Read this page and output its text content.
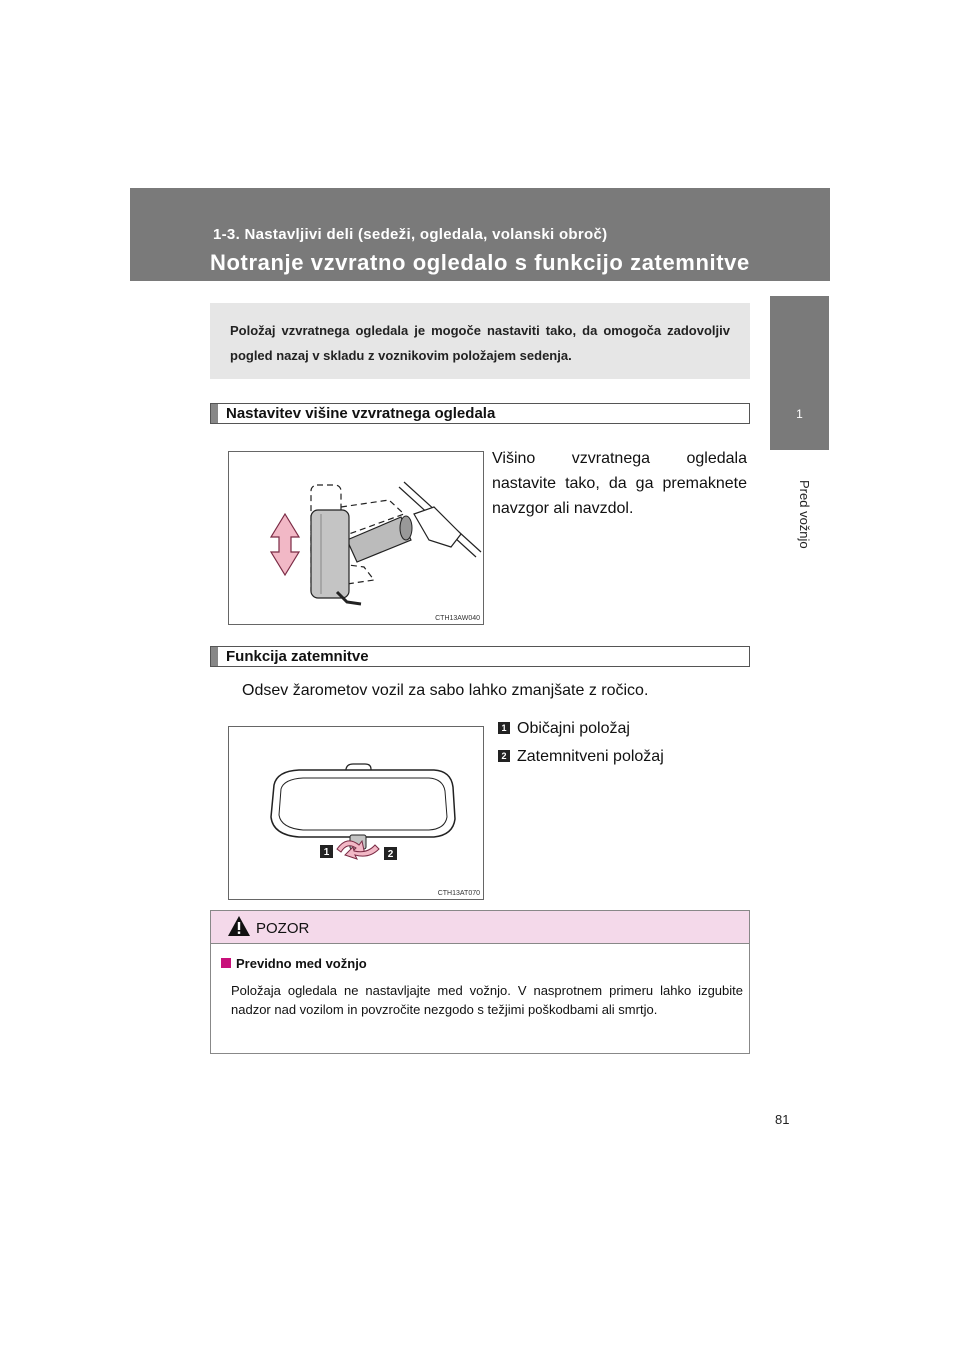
1-3. Nastavljivi deli (sedeži, ogledala, volanski obroč)
Notranje vzvratno ogledalo s funkcijo zatemnitve
1
Pred vožnjo
Položaj vzvratnega ogledala je mogoče nastaviti tako, da omogoča zadovoljiv pogled nazaj v skladu z voznikovim položajem sedenja.
Nastavitev višine vzvratnega ogledala
CTH13AW040
Višino vzvratnega ogledala nastavite tako, da ga premaknete navzgor ali navzdol.
Funkcija zatemnitve
Odsev žarometov vozil za sabo lahko zmanjšate z ročico.
1	2
CTH13AT070
1 Običajni položaj
2 Zatemnitveni položaj
POZOR
Previdno med vožnjo
Položaja ogledala ne nastavljajte med vožnjo. V nasprotnem primeru lahko izgubite nadzor nad vozilom in povzročite nezgodo s težjimi poškodbami ali smrtjo.
81
